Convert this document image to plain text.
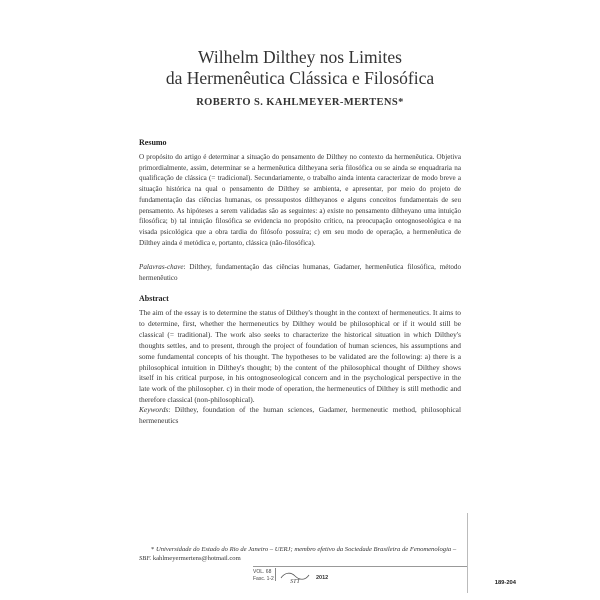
Wilhelm Dilthey nos Limites
da Hermenêutica Clássica e Filosófica
ROBERTO S. KAHLMEYER-MERTENS*
Resumo
O propósito do artigo é determinar a situação do pensamento de Dilthey no contexto da hermenêutica. Objetiva primordialmente, assim, determinar se a hermenêutica diltheyana seria filosófica ou se ainda se enquadraria na qualificação de clássica (= tradicional). Secundariamente, o trabalho ainda intenta caracterizar de modo breve a situação histórica na qual o pensamento de Dilthey se ambienta, e apresentar, por meio do projeto de fundamentação das ciências humanas, os pressupostos diltheyanos e alguns conceitos fundamentais de seu pensamento. As hipóteses a serem validadas são as seguintes: a) existe no pensamento diltheyano uma intuição filosófica; b) tal intuição filosófica se evidencia no propósito crítico, na preocupação ontognoseológica e na visada psicológica que a obra tardia do filósofo possuíra; c) em seu modo de operação, a hermenêutica de Dilthey ainda é metódica e, portanto, clássica (não-filosófica).
Palavras-chave: Dilthey, fundamentação das ciências humanas, Gadamer, hermenêutica filosófica, método hermenêutico
Abstract
The aim of the essay is to determine the status of Dilthey's thought in the context of hermeneutics. It aims to to determine, first, whether the hermeneutics by Dilthey would be philosophical or if it would still be classical (= traditional). The work also seeks to characterize the historical situation in which Dilthey's thoughts settles, and to present, through the project of foundation of human sciences, his assumptions and some fundamental concepts of his thought. The hypotheses to be validated are the following: a) there is a philosophical intuition in Dilthey's thought; b) the content of the philosophical thought of Dilthey shows itself in his critical purpose, in his ontognoseological concern and in the psychological perspective in the late work of the philosopher. c) in their mode of operation, the hermeneutics of Dilthey is still methodic and therefore classical (non-philosophical).
Keywords: Dilthey, foundation of the human sciences, Gadamer, hermeneutic method, philosophical hermeneutics
* Universidade do Estado do Rio de Janeiro – UERJ; membro efetivo da Sociedade Brasileira de Fenomenologia – SBF. kahlmeyermertens@hotmail.com
VOL. 68
Fasc. 1-2
STT
2012
189-204
